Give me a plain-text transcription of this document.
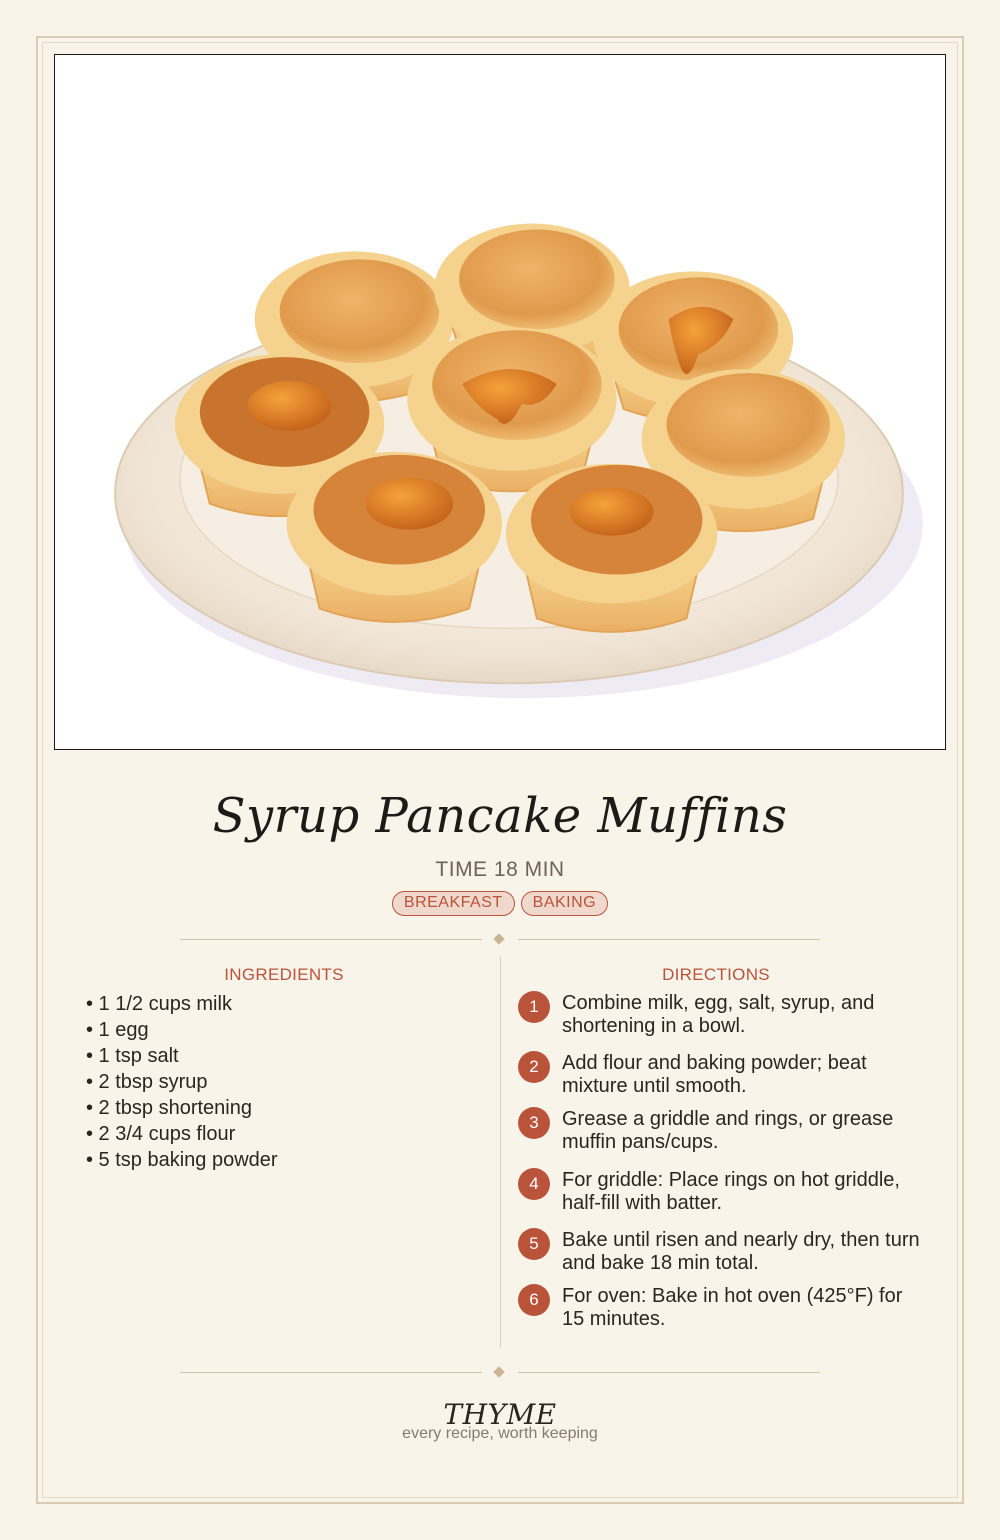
Syrup Pancake Muffins
TIME 18 MIN
BREAKFAST BAKING
INGREDIENTS
• 1 1/2 cups milk
• 1 egg
• 1 tsp salt
• 2 tbsp syrup
• 2 tbsp shortening
• 2 3/4 cups flour
• 5 tsp baking powder
DIRECTIONS
1	Combine milk, egg, salt, syrup, and shortening in a bowl.
2	Add flour and baking powder; beat mixture until smooth.
3	Grease a griddle and rings, or grease muffin pans/cups.
4	For griddle: Place rings on hot griddle, half-fill with batter.
5	Bake until risen and nearly dry, then turn and bake 18 min total.
6	For oven: Bake in hot oven (425°F) for 15 minutes.
THYME
every recipe, worth keeping
